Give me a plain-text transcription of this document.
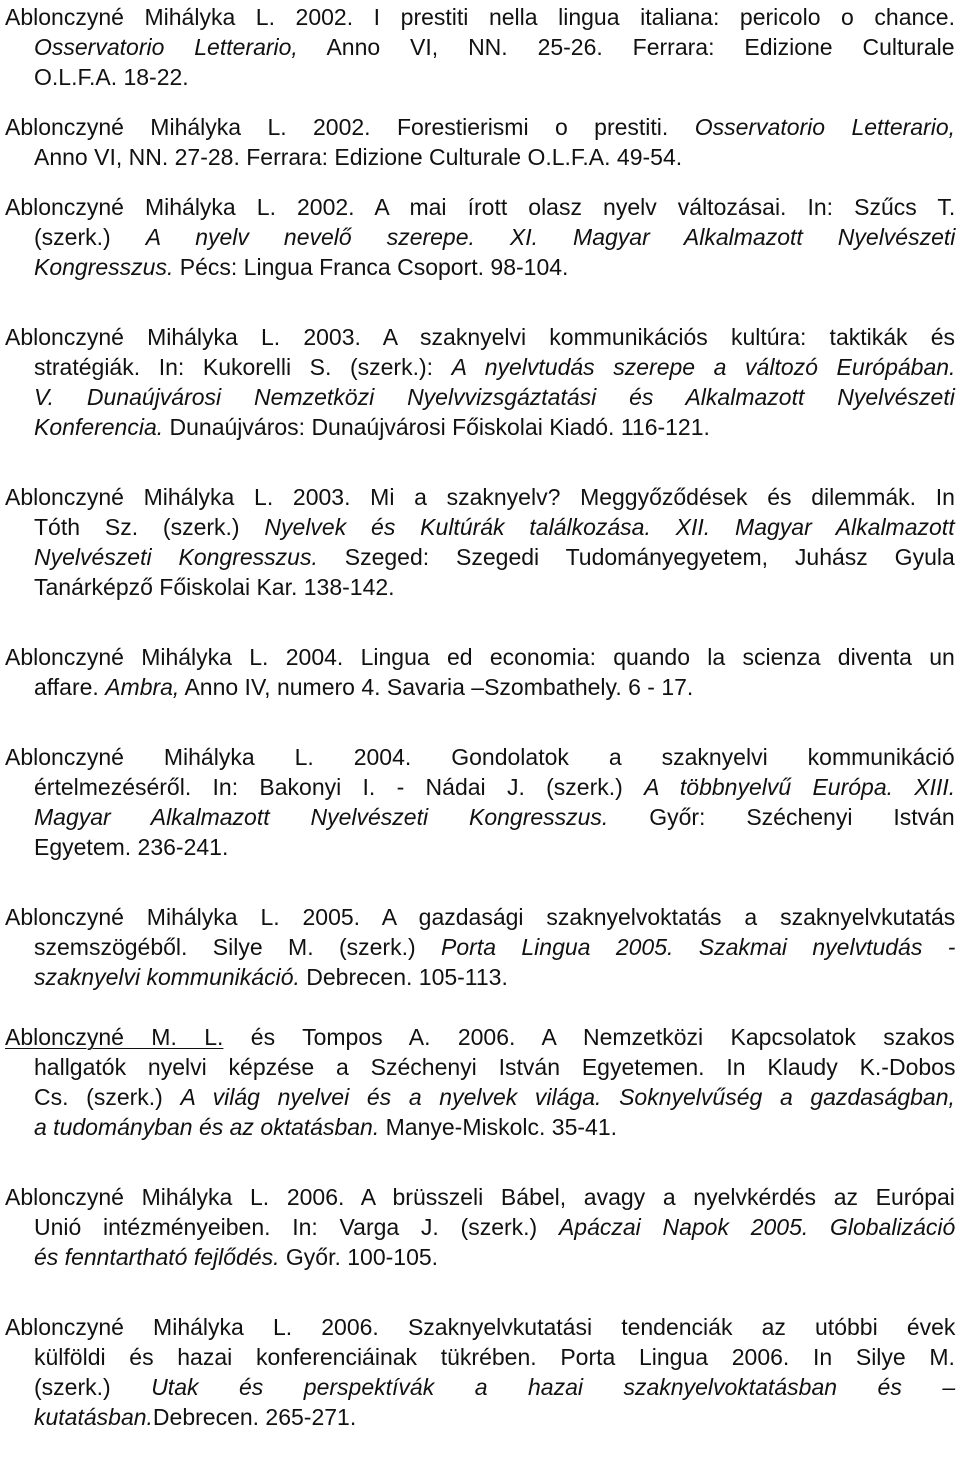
Ablonczyné Mihályka L. 2002. I prestiti nella lingua italiana: pericolo o chance.
Osservatorio Letterario, Anno VI, NN. 25-26. Ferrara: Edizione Culturale
O.L.F.A. 18-22.
Ablonczyné Mihályka L. 2002. Forestierismi o prestiti. Osservatorio Letterario,
Anno VI, NN. 27-28. Ferrara: Edizione Culturale O.L.F.A. 49-54.
Ablonczyné Mihályka L. 2002. A mai írott olasz nyelv változásai. In: Szűcs T.
(szerk.) A nyelv nevelő szerepe. XI. Magyar Alkalmazott Nyelvészeti
Kongresszus. Pécs: Lingua Franca Csoport. 98-104.
Ablonczyné Mihályka L. 2003. A szaknyelvi kommunikációs kultúra: taktikák és
stratégiák. In: Kukorelli S. (szerk.): A nyelvtudás szerepe a változó Európában.
V. Dunaújvárosi Nemzetközi Nyelvvizsgáztatási és Alkalmazott Nyelvészeti
Konferencia. Dunaújváros: Dunaújvárosi Főiskolai Kiadó. 116-121.
Ablonczyné Mihályka L. 2003. Mi a szaknyelv? Meggyőződések és dilemmák. In
Tóth Sz. (szerk.) Nyelvek és Kultúrák találkozása. XII. Magyar Alkalmazott
Nyelvészeti Kongresszus. Szeged: Szegedi Tudományegyetem, Juhász Gyula
Tanárképző Főiskolai Kar. 138-142.
Ablonczyné Mihályka L. 2004. Lingua ed economia: quando la scienza diventa un
affare. Ambra, Anno IV, numero 4. Savaria –Szombathely. 6 - 17.
Ablonczyné Mihályka L. 2004. Gondolatok a szaknyelvi kommunikáció
értelmezéséről. In: Bakonyi I. - Nádai J. (szerk.) A többnyelvű Európa. XIII.
Magyar Alkalmazott Nyelvészeti Kongresszus. Győr: Széchenyi István
Egyetem. 236-241.
Ablonczyné Mihályka L. 2005. A gazdasági szaknyelvoktatás a szaknyelvkutatás
szemszögéből. Silye M. (szerk.) Porta Lingua 2005. Szakmai nyelvtudás -
szaknyelvi kommunikáció. Debrecen. 105-113.
Ablonczyné M. L. és Tompos A. 2006. A Nemzetközi Kapcsolatok szakos
hallgatók nyelvi képzése a Széchenyi István Egyetemen. In Klaudy K.-Dobos
Cs. (szerk.) A világ nyelvei és a nyelvek világa. Soknyelvűség a gazdaságban,
a tudományban és az oktatásban. Manye-Miskolc. 35-41.
Ablonczyné Mihályka L. 2006. A brüsszeli Bábel, avagy a nyelvkérdés az Európai
Unió intézményeiben. In: Varga J. (szerk.) Apáczai Napok 2005. Globalizáció
és fenntartható fejlődés. Győr. 100-105.
Ablonczyné Mihályka L. 2006. Szaknyelvkutatási tendenciák az utóbbi évek
külföldi és hazai konferenciáinak tükrében. Porta Lingua 2006. In Silye M.
(szerk.) Utak és perspektívák a hazai szaknyelvoktatásban és –
kutatásban.Debrecen. 265-271.
